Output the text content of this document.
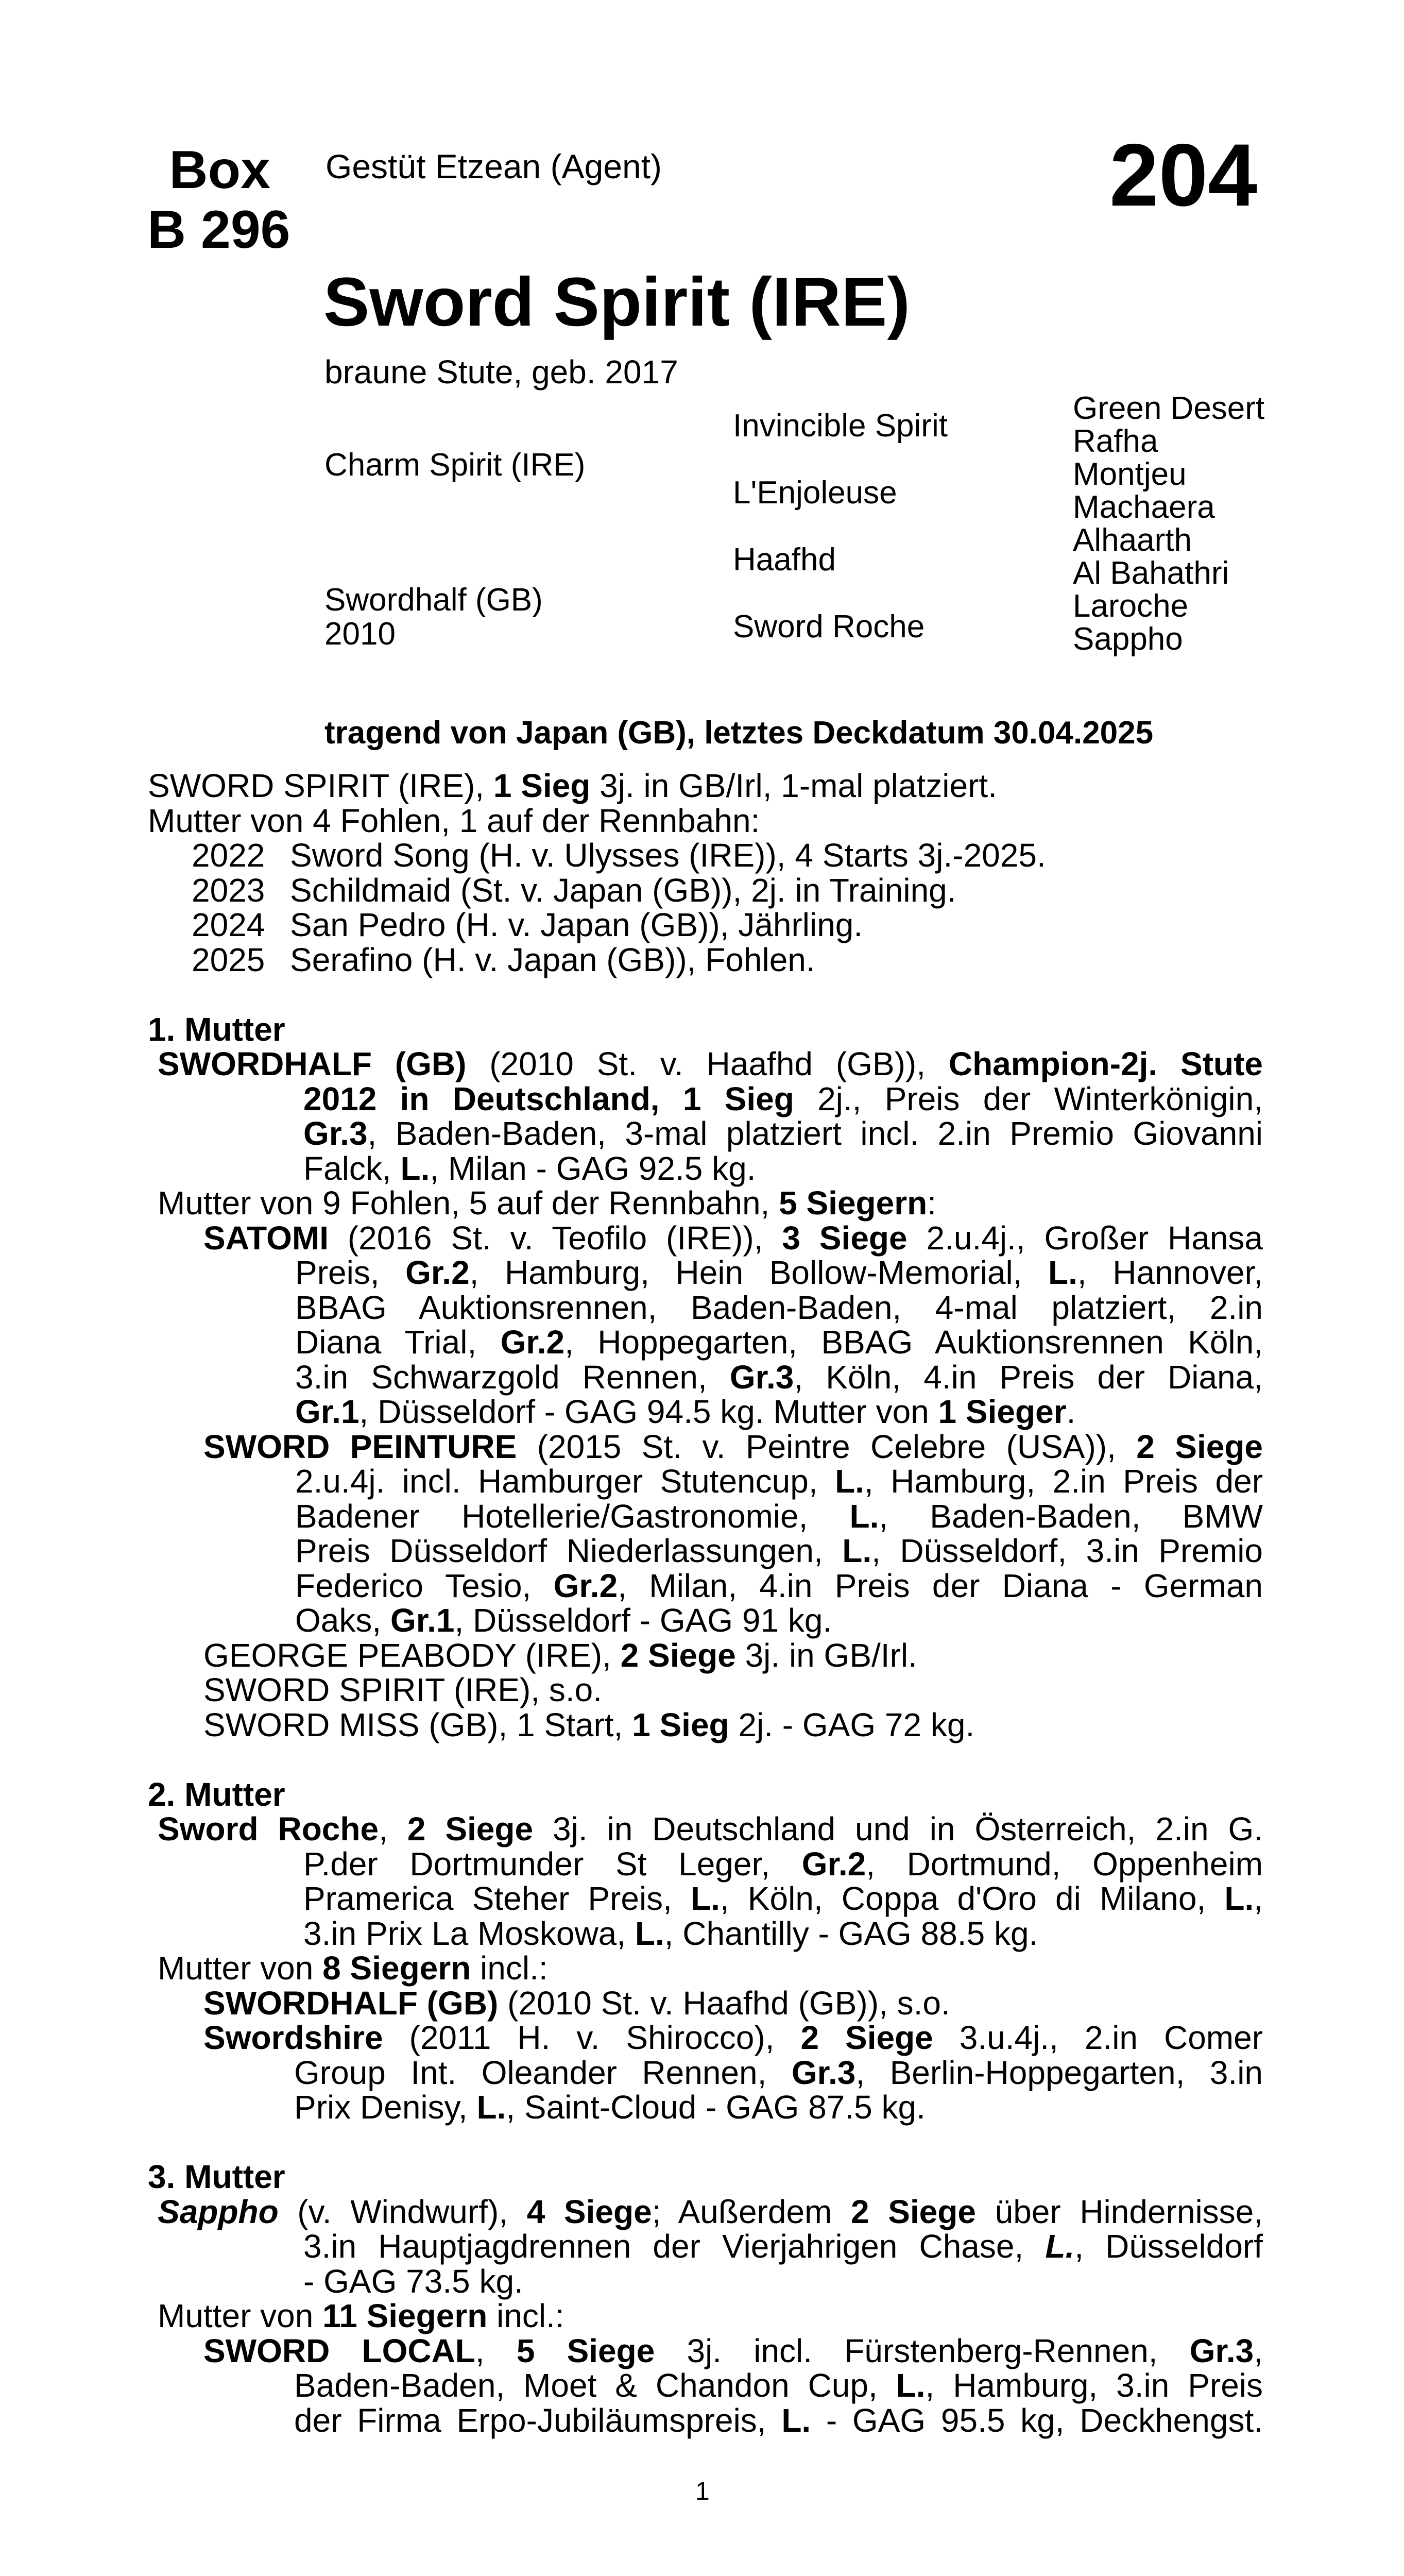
Box
B 296
Gestüt Etzean (Agent)	204
Sword Spirit (IRE)
braune Stute, geb. 2017
Charm Spirit (IRE)
Swordhalf (GB)
2010
Invincible Spirit
L'Enjoleuse
Haafhd
Sword Roche
Green Desert
Rafha
Montjeu
Machaera
Alhaarth
Al Bahathri
Laroche
Sappho
tragend von Japan (GB), letztes Deckdatum 30.04.2025
SWORD SPIRIT (IRE), 1 Sieg 3j. in GB/Irl, 1-mal platziert.
Mutter von 4 Fohlen, 1 auf der Rennbahn:
2022 Sword Song (H. v. Ulysses (IRE)), 4 Starts 3j.-2025.
2023 Schildmaid (St. v. Japan (GB)), 2j. in Training.
2024 San Pedro (H. v. Japan (GB)), Jährling.
2025 Serafino (H. v. Japan (GB)), Fohlen.
1. Mutter
SWORDHALF (GB) (2010 St. v. Haafhd (GB)), Champion-2j. Stute
2012 in Deutschland, 1 Sieg 2j., Preis der Winterkönigin,
Gr.3, Baden-Baden, 3-mal platziert incl. 2.in Premio Giovanni
Falck, L., Milan - GAG 92.5 kg.
Mutter von 9 Fohlen, 5 auf der Rennbahn, 5 Siegern:
SATOMI (2016 St. v. Teofilo (IRE)), 3 Siege 2.u.4j., Großer Hansa
Preis, Gr.2, Hamburg, Hein Bollow-Memorial, L., Hannover,
BBAG Auktionsrennen, Baden-Baden, 4-mal platziert, 2.in
Diana Trial, Gr.2, Hoppegarten, BBAG Auktionsrennen Köln,
3.in Schwarzgold Rennen, Gr.3, Köln, 4.in Preis der Diana,
Gr.1, Düsseldorf - GAG 94.5 kg. Mutter von 1 Sieger.
SWORD PEINTURE (2015 St. v. Peintre Celebre (USA)), 2 Siege
2.u.4j. incl. Hamburger Stutencup, L., Hamburg, 2.in Preis der
Badener Hotellerie/Gastronomie, L., Baden-Baden, BMW
Preis Düsseldorf Niederlassungen, L., Düsseldorf, 3.in Premio
Federico Tesio, Gr.2, Milan, 4.in Preis der Diana - German
Oaks, Gr.1, Düsseldorf - GAG 91 kg.
GEORGE PEABODY (IRE), 2 Siege 3j. in GB/Irl.
SWORD SPIRIT (IRE), s.o.
SWORD MISS (GB), 1 Start, 1 Sieg 2j. - GAG 72 kg.
2. Mutter
Sword Roche, 2 Siege 3j. in Deutschland und in Österreich, 2.in G.
P.der Dortmunder St Leger, Gr.2, Dortmund, Oppenheim
Pramerica Steher Preis, L., Köln, Coppa d'Oro di Milano, L.,
3.in Prix La Moskowa, L., Chantilly - GAG 88.5 kg.
Mutter von 8 Siegern incl.:
SWORDHALF (GB) (2010 St. v. Haafhd (GB)), s.o.
Swordshire (2011 H. v. Shirocco), 2 Siege 3.u.4j., 2.in Comer
Group Int. Oleander Rennen, Gr.3, Berlin-Hoppegarten, 3.in
Prix Denisy, L., Saint-Cloud - GAG 87.5 kg.
3. Mutter
Sappho (v. Windwurf), 4 Siege; Außerdem 2 Siege über Hindernisse,
3.in Hauptjagdrennen der Vierjahrigen Chase, L., Düsseldorf
- GAG 73.5 kg.
Mutter von 11 Siegern incl.:
SWORD LOCAL, 5 Siege 3j. incl. Fürstenberg-Rennen, Gr.3,
Baden-Baden, Moet & Chandon Cup, L., Hamburg, 3.in Preis
der Firma Erpo-Jubiläumspreis, L. - GAG 95.5 kg, Deckhengst.
1
